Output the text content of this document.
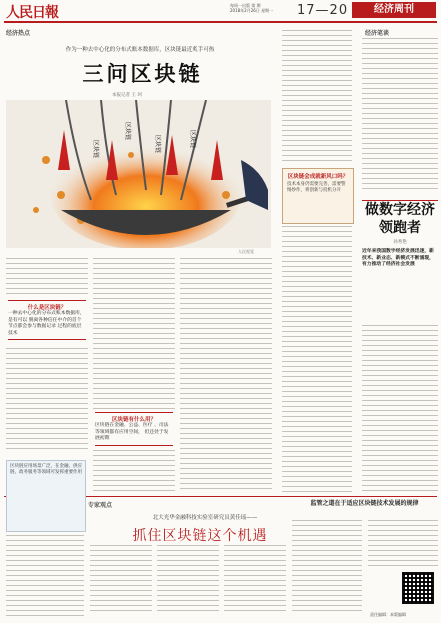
人民日報	每周一出版 第 期
2018年2月26日 星期一 17—20	经济周刊
经济热点	经济笔谈
作为一种去中心化的分布式账本数据库，区块链最近炙手可热
三问区块链
本报记者 王 珂
区块链
区块链
区块链	区块链
人民视觉
什么是区块链？
一种去中心化的分布式账本数据库，是有可以 脱离各种信任中介的首个节点都会参与数据记录 过程的底层技术
区块链有什么用？
区块链在金融、公益、医疗 、司法等领域都有应用空间， 但还处于发展初期
区块链会成就新风口吗？
技术本身仍需要完善，需要警惕炒作，将创新与投机分开
做数字经济
领跑者
孙秀艳
近年来我国数字经济发展迅速，新技术、新业态、新模式不断涌现，有力推动了经济社会发展
专家观点
北大光华金融科技实验室研究员黄佳瑶——
抓住区块链这个机遇
区块链应用场景广泛，在金融、供应链、政务服务等领域可发挥重要作用
监管之道在于适应区块链技术发展的规律
责任编辑：本版编辑
